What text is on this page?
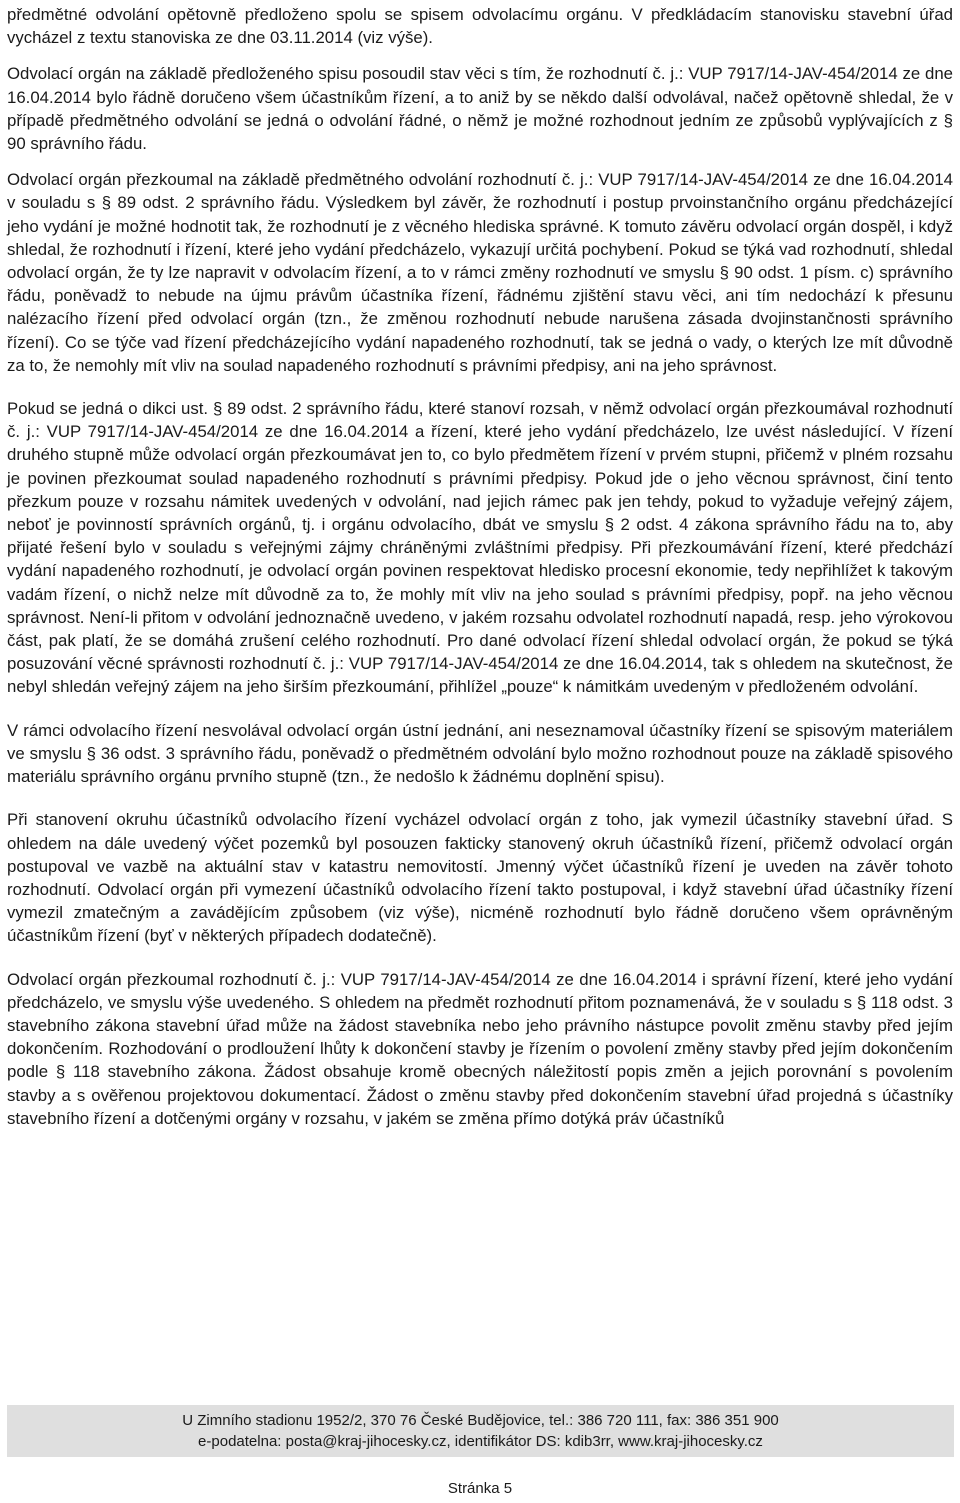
předmětné odvolání opětovně předloženo spolu se spisem odvolacímu orgánu. V předkládacím stanovisku stavební úřad vycházel z textu stanoviska ze dne 03.11.2014 (viz výše).

Odvolací orgán na základě předloženého spisu posoudil stav věci s tím, že rozhodnutí č. j.: VUP 7917/14-JAV-454/2014 ze dne 16.04.2014 bylo řádně doručeno všem účastníkům řízení, a to aniž by se někdo další odvolával, načež opětovně shledal, že v případě předmětného odvolání se jedná o odvolání řádné, o němž je možné rozhodnout jedním ze způsobů vyplývajících z § 90 správního řádu.

Odvolací orgán přezkoumal na základě předmětného odvolání rozhodnutí č. j.: VUP 7917/14-JAV-454/2014 ze dne 16.04.2014 v souladu s § 89 odst. 2 správního řádu. Výsledkem byl závěr, že rozhodnutí i postup prvoinstančního orgánu předcházející jeho vydání je možné hodnotit tak, že rozhodnutí je z věcného hlediska správné. K tomuto závěru odvolací orgán dospěl, i když shledal, že rozhodnutí i řízení, které jeho vydání předcházelo, vykazují určitá pochybení. Pokud se týká vad rozhodnutí, shledal odvolací orgán, že ty lze napravit v odvolacím řízení, a to v rámci změny rozhodnutí ve smyslu § 90 odst. 1 písm. c) správního řádu, poněvadž to nebude na újmu právům účastníka řízení, řádnému zjištění stavu věci, ani tím nedochází k přesunu nalézacího řízení před odvolací orgán (tzn., že změnou rozhodnutí nebude narušena zásada dvojinstančnosti správního řízení). Co se týče vad řízení předcházejícího vydání napadeného rozhodnutí, tak se jedná o vady, o kterých lze mít důvodně za to, že nemohly mít vliv na soulad napadeného rozhodnutí s právními předpisy, ani na jeho správnost.

Pokud se jedná o dikci ust. § 89 odst. 2 správního řádu, které stanoví rozsah, v němž odvolací orgán přezkoumával rozhodnutí č. j.: VUP 7917/14-JAV-454/2014 ze dne 16.04.2014 a řízení, které jeho vydání předcházelo, lze uvést následující. V řízení druhého stupně může odvolací orgán přezkoumávat jen to, co bylo předmětem řízení v prvém stupni, přičemž v plném rozsahu je povinen přezkoumat soulad napadeného rozhodnutí s právními předpisy. Pokud jde o jeho věcnou správnost, činí tento přezkum pouze v rozsahu námitek uvedených v odvolání, nad jejich rámec pak jen tehdy, pokud to vyžaduje veřejný zájem, neboť je povinností správních orgánů, tj. i orgánu odvolacího, dbát ve smyslu § 2 odst. 4 zákona správního řádu na to, aby přijaté řešení bylo v souladu s veřejnými zájmy chráněnými zvláštními předpisy. Při přezkoumávání řízení, které předchází vydání napadeného rozhodnutí, je odvolací orgán povinen respektovat hledisko procesní ekonomie, tedy nepřihlížet k takovým vadám řízení, o nichž nelze mít důvodně za to, že mohly mít vliv na jeho soulad s právními předpisy, popř. na jeho věcnou správnost. Není-li přitom v odvolání jednoznačně uvedeno, v jakém rozsahu odvolatel rozhodnutí napadá, resp. jeho výrokovou část, pak platí, že se domáhá zrušení celého rozhodnutí. Pro dané odvolací řízení shledal odvolací orgán, že pokud se týká posuzování věcné správnosti rozhodnutí č. j.: VUP 7917/14-JAV-454/2014 ze dne 16.04.2014, tak s ohledem na skutečnost, že nebyl shledán veřejný zájem na jeho širším přezkoumání, přihlížel „pouze“ k námitkám uvedeným v předloženém odvolání.

V rámci odvolacího řízení nesvolával odvolací orgán ústní jednání, ani neseznamoval účastníky řízení se spisovým materiálem ve smyslu § 36 odst. 3 správního řádu, poněvadž o předmětném odvolání bylo možno rozhodnout pouze na základě spisového materiálu správního orgánu prvního stupně (tzn., že nedošlo k žádnému doplnění spisu).

Při stanovení okruhu účastníků odvolacího řízení vycházel odvolací orgán z toho, jak vymezil účastníky stavební úřad. S ohledem na dále uvedený výčet pozemků byl posouzen fakticky stanovený okruh účastníků řízení, přičemž odvolací orgán postupoval ve vazbě na aktuální stav v katastru nemovitostí. Jmenný výčet účastníků řízení je uveden na závěr tohoto rozhodnutí. Odvolací orgán při vymezení účastníků odvolacího řízení takto postupoval, i když stavební úřad účastníky řízení vymezil zmatečným a zavádějícím způsobem (viz výše), nicméně rozhodnutí bylo řádně doručeno všem oprávněným účastníkům řízení (byť v některých případech dodatečně).

Odvolací orgán přezkoumal rozhodnutí č. j.: VUP 7917/14-JAV-454/2014 ze dne 16.04.2014 i správní řízení, které jeho vydání předcházelo, ve smyslu výše uvedeného. S ohledem na předmět rozhodnutí přitom poznamenává, že v souladu s § 118 odst. 3 stavebního zákona stavební úřad může na žádost stavebníka nebo jeho právního nástupce povolit změnu stavby před jejím dokončením. Rozhodování o prodloužení lhůty k dokončení stavby je řízením o povolení změny stavby před jejím dokončením podle § 118 stavebního zákona. Žádost obsahuje kromě obecných náležitostí popis změn a jejich porovnání s povolením stavby a s ověřenou projektovou dokumentací. Žádost o změnu stavby před dokončením stavební úřad projedná s účastníky stavebního řízení a dotčenými orgány v rozsahu, v jakém se změna přímo dotýká práv účastníků

U Zimního stadionu 1952/2, 370 76 České Budějovice, tel.: 386 720 111, fax: 386 351 900
e-podatelna: posta@kraj-jihocesky.cz, identifikátor DS: kdib3rr, www.kraj-jihocesky.cz
Stránka 5
